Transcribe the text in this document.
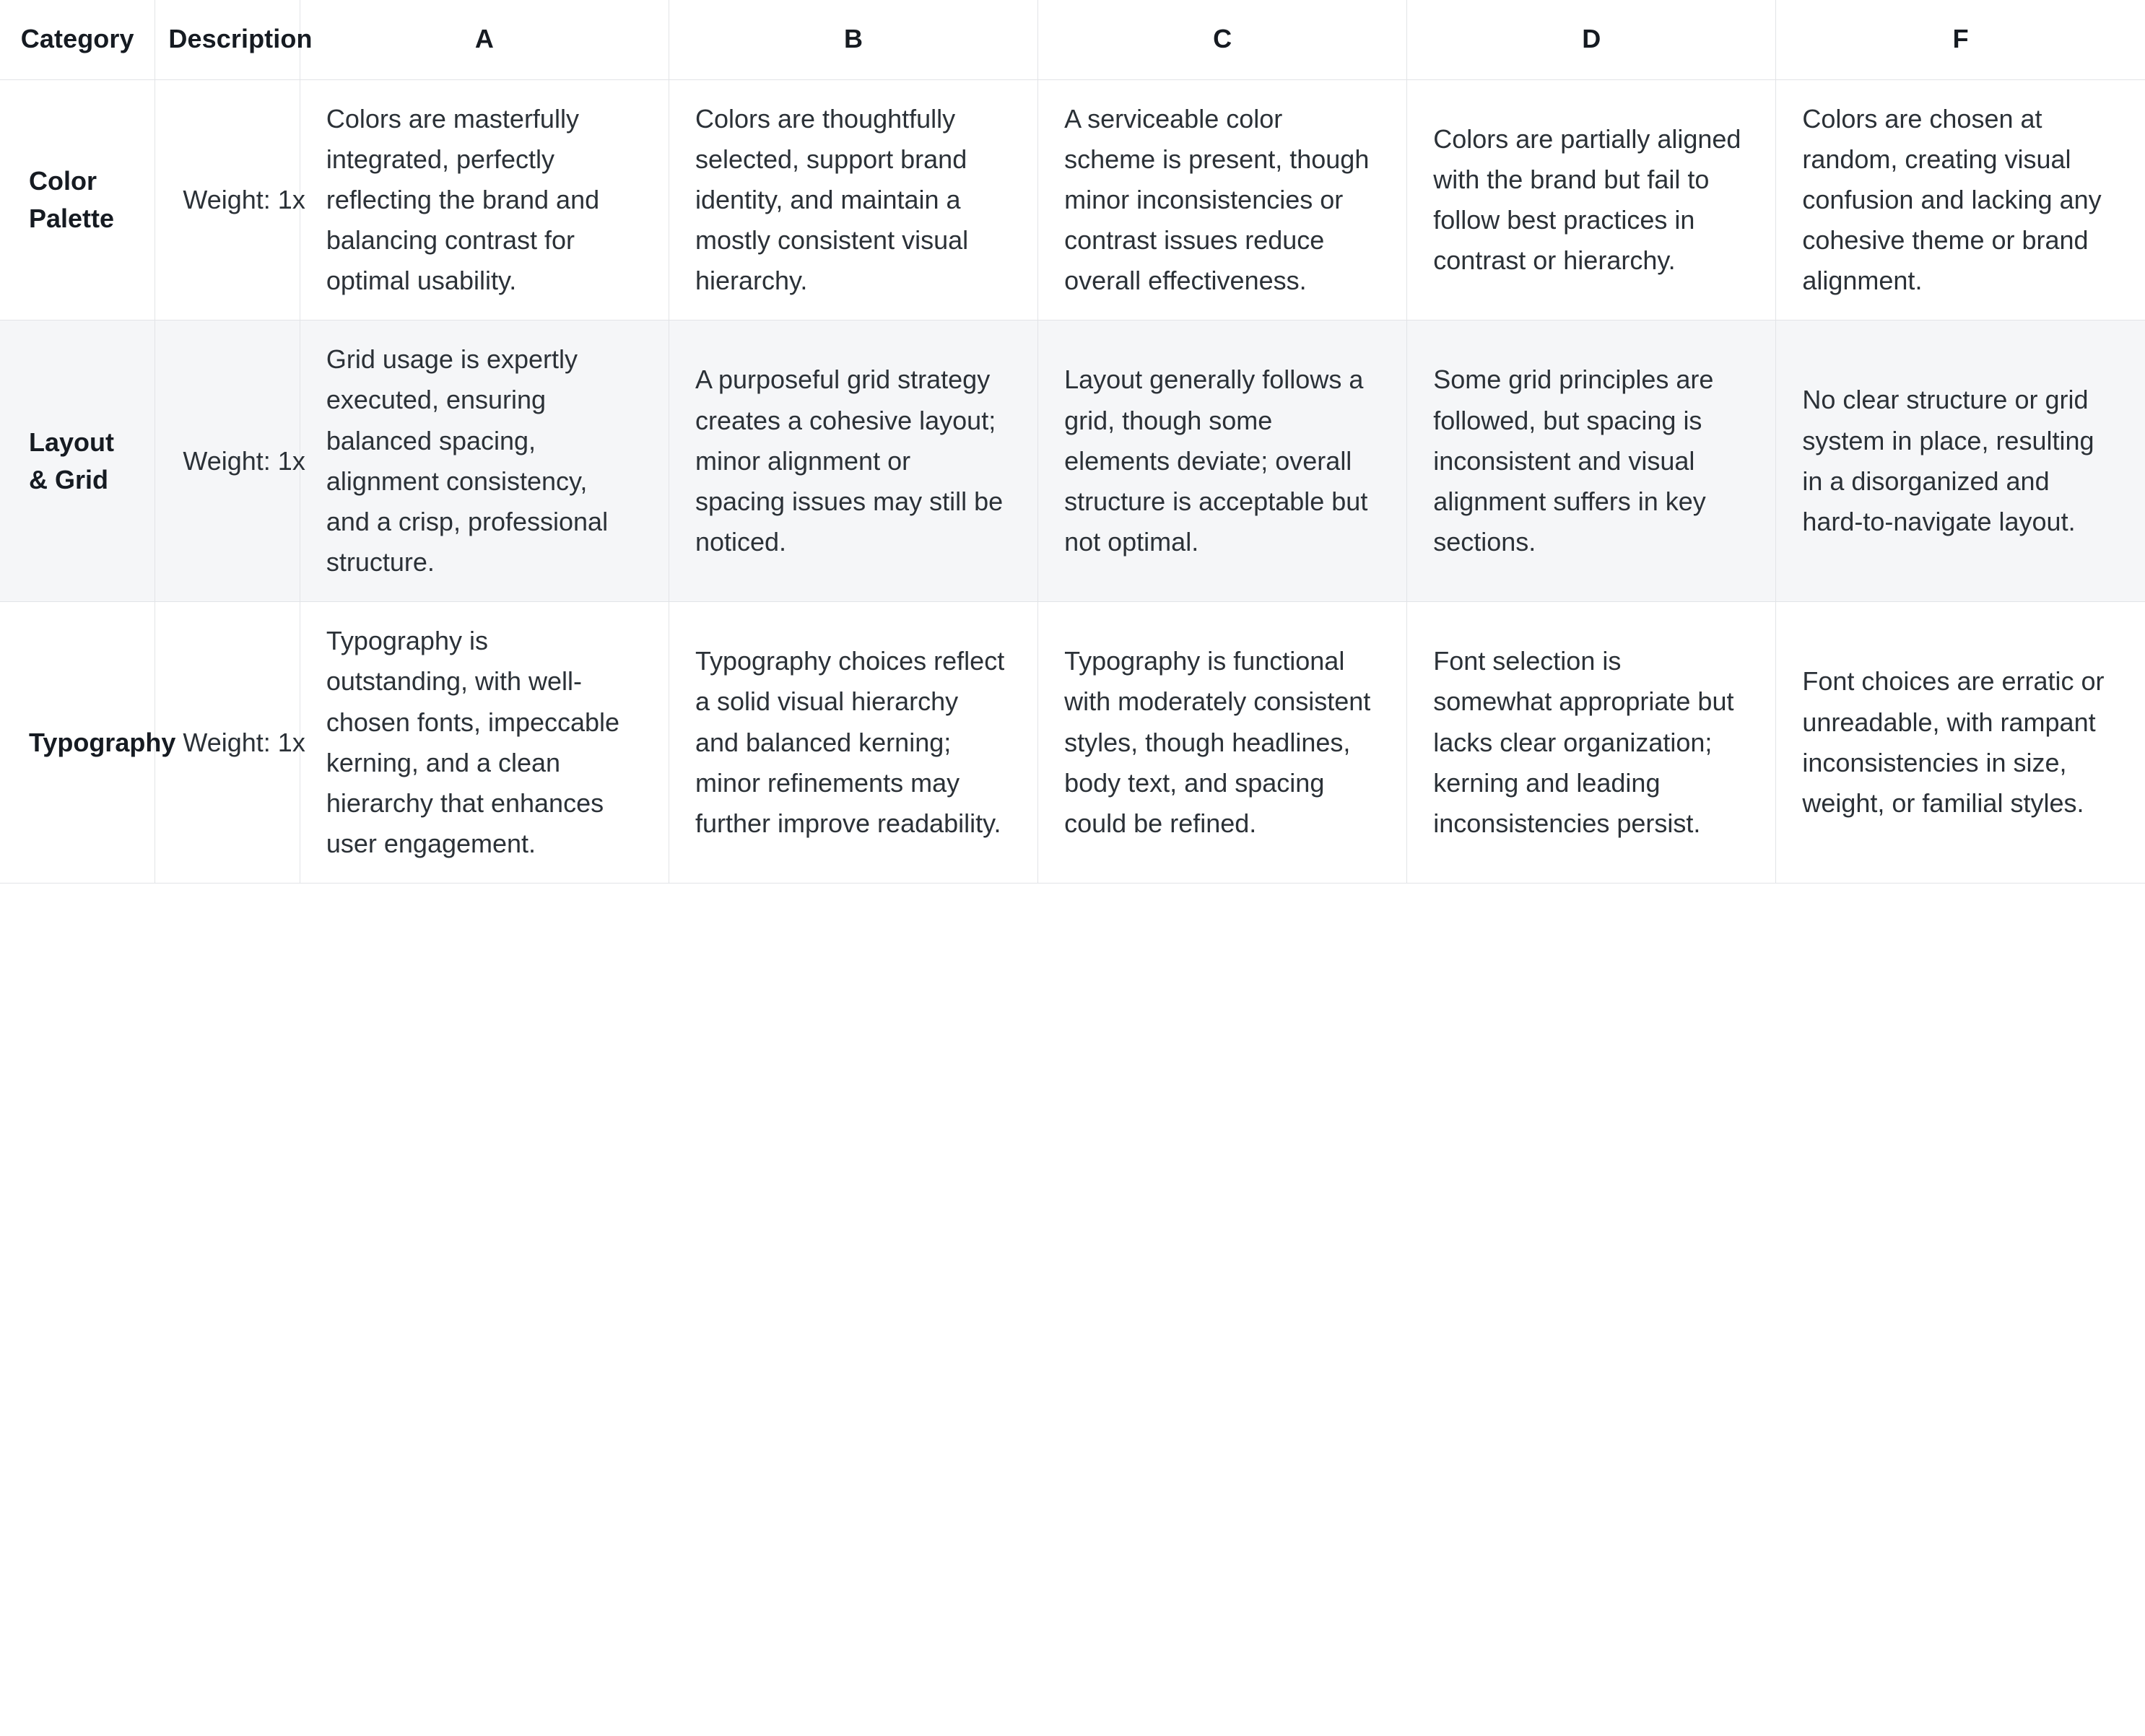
Category	Description	A	B	C	D	F
Color Palette	Weight: 1x	Colors are masterfully integrated, perfectly reflecting the brand and balancing contrast for optimal usability.	Colors are thoughtfully selected, support brand identity, and maintain a mostly consistent visual hierarchy.	A serviceable color scheme is present, though minor inconsistencies or contrast issues reduce overall effectiveness.	Colors are partially aligned with the brand but fail to follow best practices in contrast or hierarchy.	Colors are chosen at random, creating visual confusion and lacking any cohesive theme or brand alignment.
Layout & Grid	Weight: 1x	Grid usage is expertly executed, ensuring balanced spacing, alignment consistency, and a crisp, professional structure.	A purposeful grid strategy creates a cohesive layout; minor alignment or spacing issues may still be noticed.	Layout generally follows a grid, though some elements deviate; overall structure is acceptable but not optimal.	Some grid principles are followed, but spacing is inconsistent and visual alignment suffers in key sections.	No clear structure or grid system in place, resulting in a disorganized and hard-to-navigate layout.
Typography	Weight: 1x	Typography is outstanding, with well-chosen fonts, impeccable kerning, and a clean hierarchy that enhances user engagement.	Typography choices reflect a solid visual hierarchy and balanced kerning; minor refinements may further improve readability.	Typography is functional with moderately consistent styles, though headlines, body text, and spacing could be refined.	Font selection is somewhat appropriate but lacks clear organization; kerning and leading inconsistencies persist.	Font choices are erratic or unreadable, with rampant inconsistencies in size, weight, or familial styles.
